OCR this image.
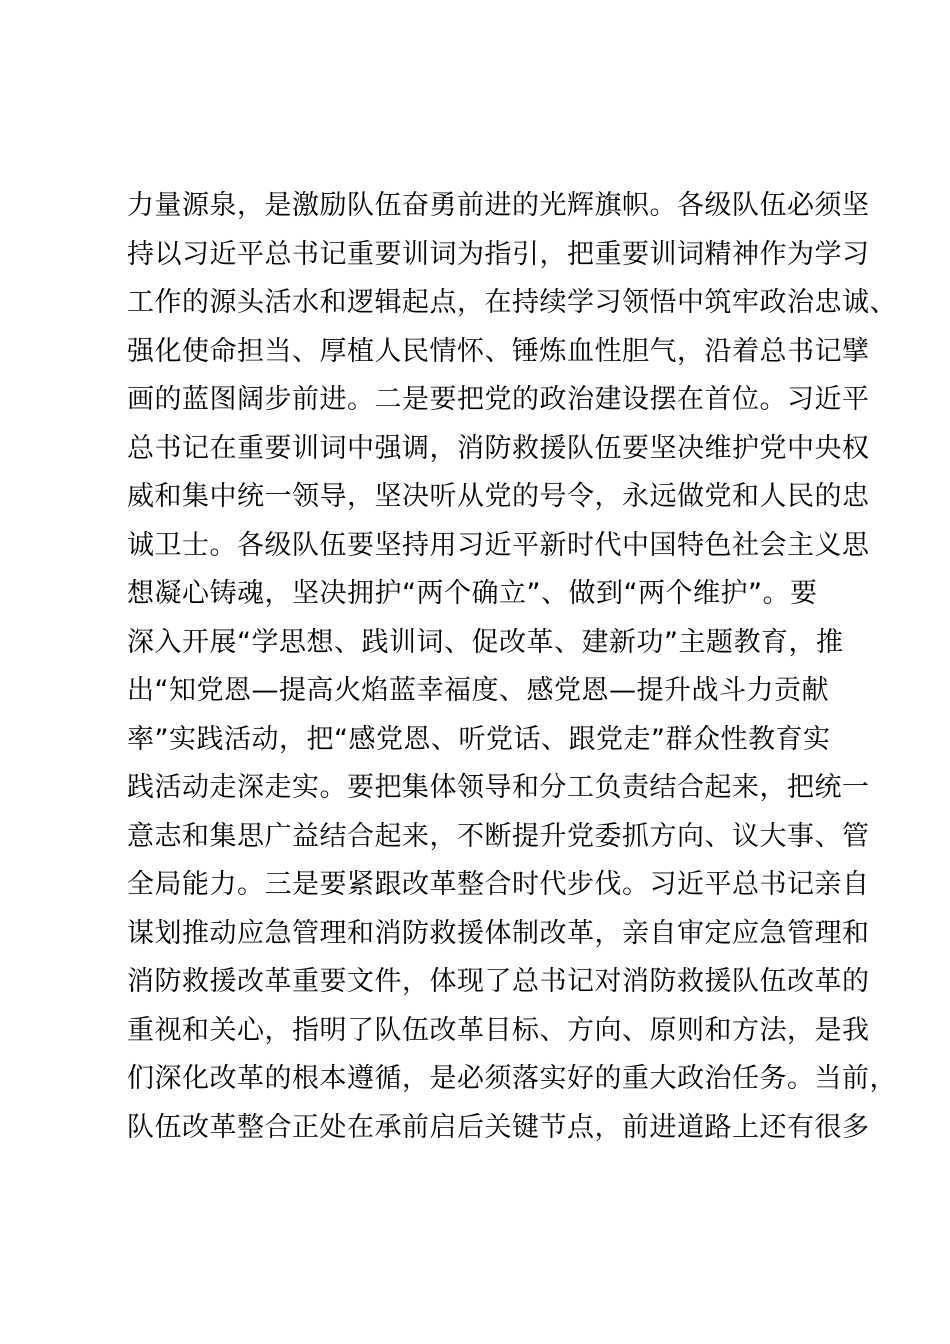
力量源泉，是激励队伍奋勇前进的光辉旗帜。各级队伍必须坚
持以习近平总书记重要训词为指引，把重要训词精神作为学习
工作的源头活水和逻辑起点，在持续学习领悟中筑牢政治忠诚、
强化使命担当、厚植人民情怀、锤炼血性胆气，沿着总书记擘
画的蓝图阔步前进。二是要把党的政治建设摆在首位。习近平
总书记在重要训词中强调，消防救援队伍要坚决维护党中央权
威和集中统一领导，坚决听从党的号令，永远做党和人民的忠
诚卫士。各级队伍要坚持用习近平新时代中国特色社会主义思
想凝心铸魂，坚决拥护“两个确立”、做到“两个维护”。要
深入开展“学思想、践训词、促改革、建新功”主题教育，推
出“知党恩—提高火焰蓝幸福度、感党恩—提升战斗力贡献
率”实践活动，把“感党恩、听党话、跟党走”群众性教育实
践活动走深走实。要把集体领导和分工负责结合起来，把统一
意志和集思广益结合起来，不断提升党委抓方向、议大事、管
全局能力。三是要紧跟改革整合时代步伐。习近平总书记亲自
谋划推动应急管理和消防救援体制改革，亲自审定应急管理和
消防救援改革重要文件，体现了总书记对消防救援队伍改革的
重视和关心，指明了队伍改革目标、方向、原则和方法，是我
们深化改革的根本遵循，是必须落实好的重大政治任务。当前，
队伍改革整合正处在承前启后关键节点，前进道路上还有很多
